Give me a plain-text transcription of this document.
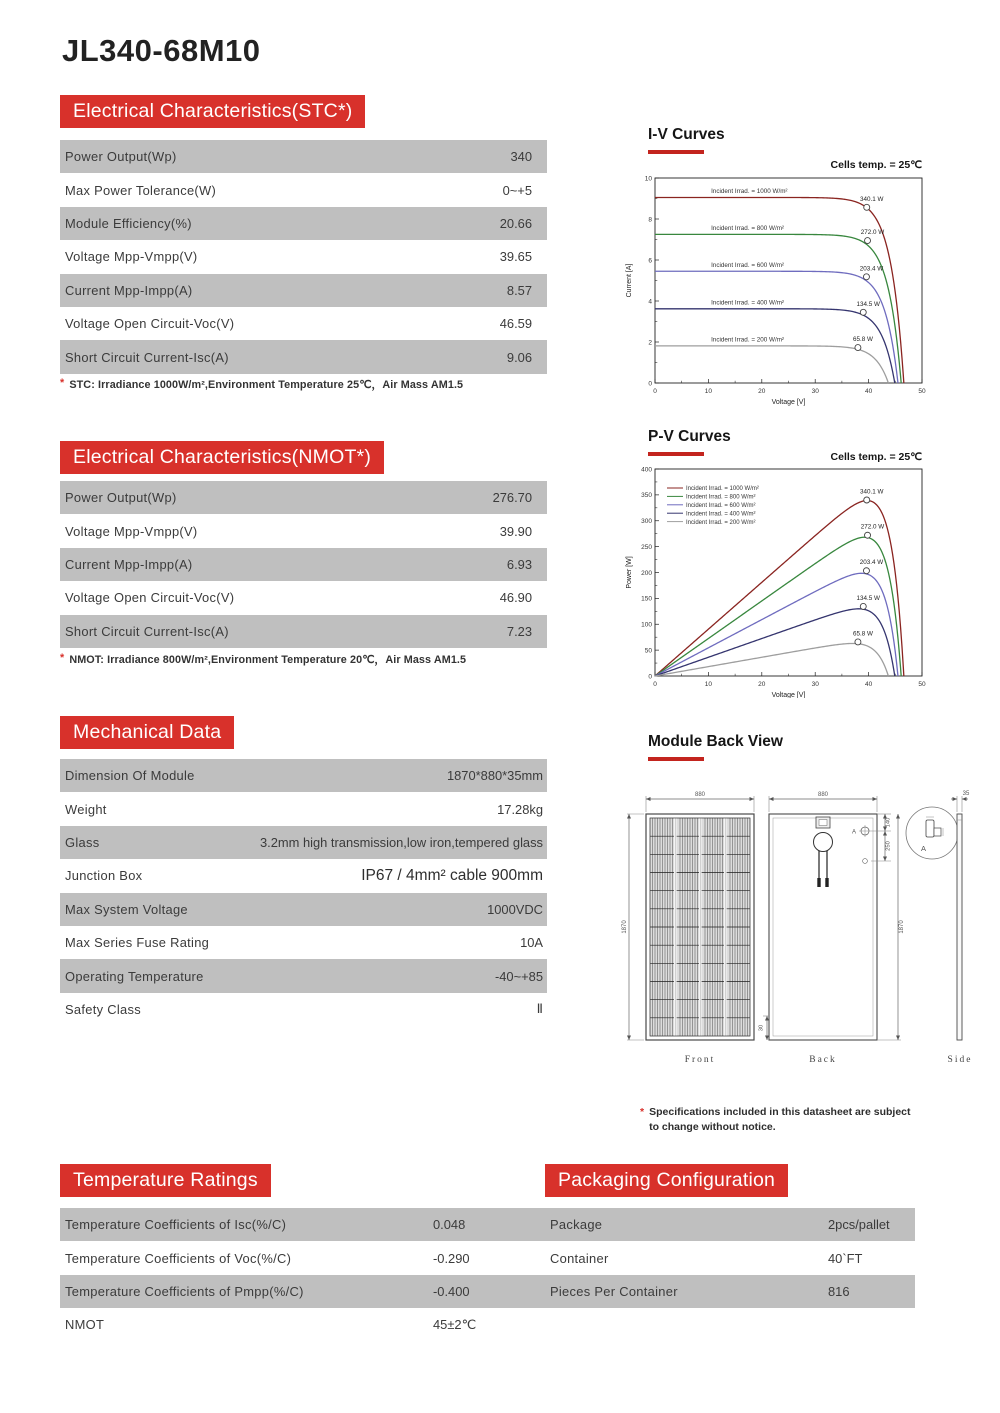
JL340-68M10
Electrical Characteristics(STC*)
Power Output(Wp)	340
Max Power Tolerance(W)	0~+5
Module Efficiency(%)	20.66
Voltage Mpp-Vmpp(V)	39.65
Current Mpp-Impp(A)	8.57
Voltage Open Circuit-Voc(V)	46.59
Short Circuit Current-Isc(A)	9.06
* STC: Irradiance 1000W/m²,Environment Temperature 25℃，Air Mass AM1.5
Electrical Characteristics(NMOT*)
Power Output(Wp)	276.70
Voltage Mpp-Vmpp(V)	39.90
Current Mpp-Impp(A)	6.93
Voltage Open Circuit-Voc(V)	46.90
Short Circuit Current-Isc(A)	7.23
* NMOT: Irradiance 800W/m²,Environment Temperature 20℃，Air Mass AM1.5
Mechanical Data
Dimension Of Module	1870*880*35mm
Weight	17.28kg
Glass	3.2mm high transmission,low iron,tempered glass
Junction Box	IP67 / 4mm² cable 900mm
Max System Voltage	1000VDC
Max Series Fuse Rating	10A
Operating Temperature	-40~+85
Safety Class	Ⅱ
Temperature Ratings
Temperature Coefficients of Isc(%/C)	0.048
Temperature Coefficients of Voc(%/C)	-0.290
Temperature Coefficients of Pmpp(%/C)	-0.400
NMOT	45±2℃
Packaging Configuration
Package	2pcs/pallet
Container	40`FT
Pieces Per Container	816
I-V Curves
Cells temp. = 25℃
0	10	20	30	40	50
0
2
4
6
8
10
Voltage [V]
Current [A]
340.1 W
Incident Irrad. = 1000 W/m²
272.0 W
Incident Irrad. = 800 W/m²
203.4 W
Incident Irrad. = 600 W/m²
134.5 W
Incident Irrad. = 400 W/m²
65.8 W
Incident Irrad. = 200 W/m²
P-V Curves
Cells temp. = 25℃
0	10	20	30	40	50
0
50
100
150
200
250
300
350
400
Voltage [V]
Power [W]
340.1 W
272.0 W
203.4 W
134.5 W
65.8 W
Incident Irrad. = 1000 W/m²
Incident Irrad. = 800 W/m²
Incident Irrad. = 600 W/m²
Incident Irrad. = 400 W/m²
Incident Irrad. = 200 W/m²
Module Back View
880
1870
Front
A
140
250
1870
880
30
Back
A
35
Side
* Specifications included in this datasheet are subject
to change without notice.
